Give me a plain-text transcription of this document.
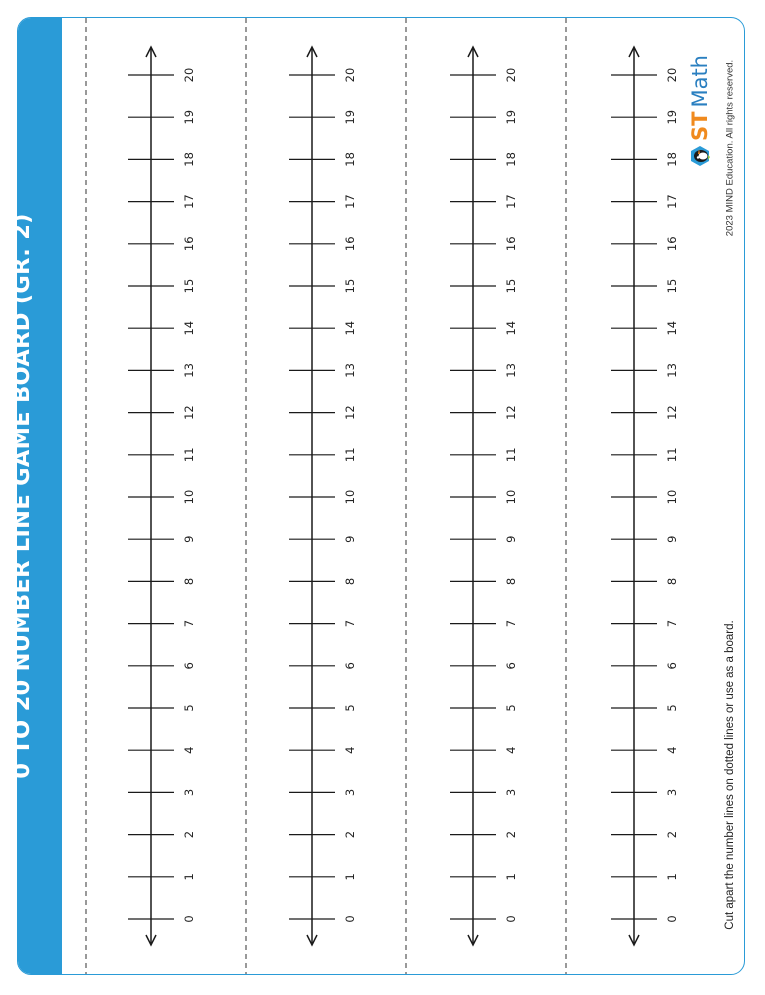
0 TO 20 NUMBER LINE GAME BOARD (GR. 2)
0
1
2
3
4
5
6
7
8
9
10
11
12
13
14
15
16
17
18
19
20
0
1
2
3
4
5
6
7
8
9
10
11
12
13
14
15
16
17
18
19
20
0
1
2
3
4
5
6
7
8
9
10
11
12
13
14
15
16
17
18
19
20
0
1
2
3
4
5
6
7
8
9
10
11
12
13
14
15
16
17
18
19
20
Cut apart the number lines on dotted lines or use as a board.
ST
Math 2023 MIND Education. All rights reserved.
